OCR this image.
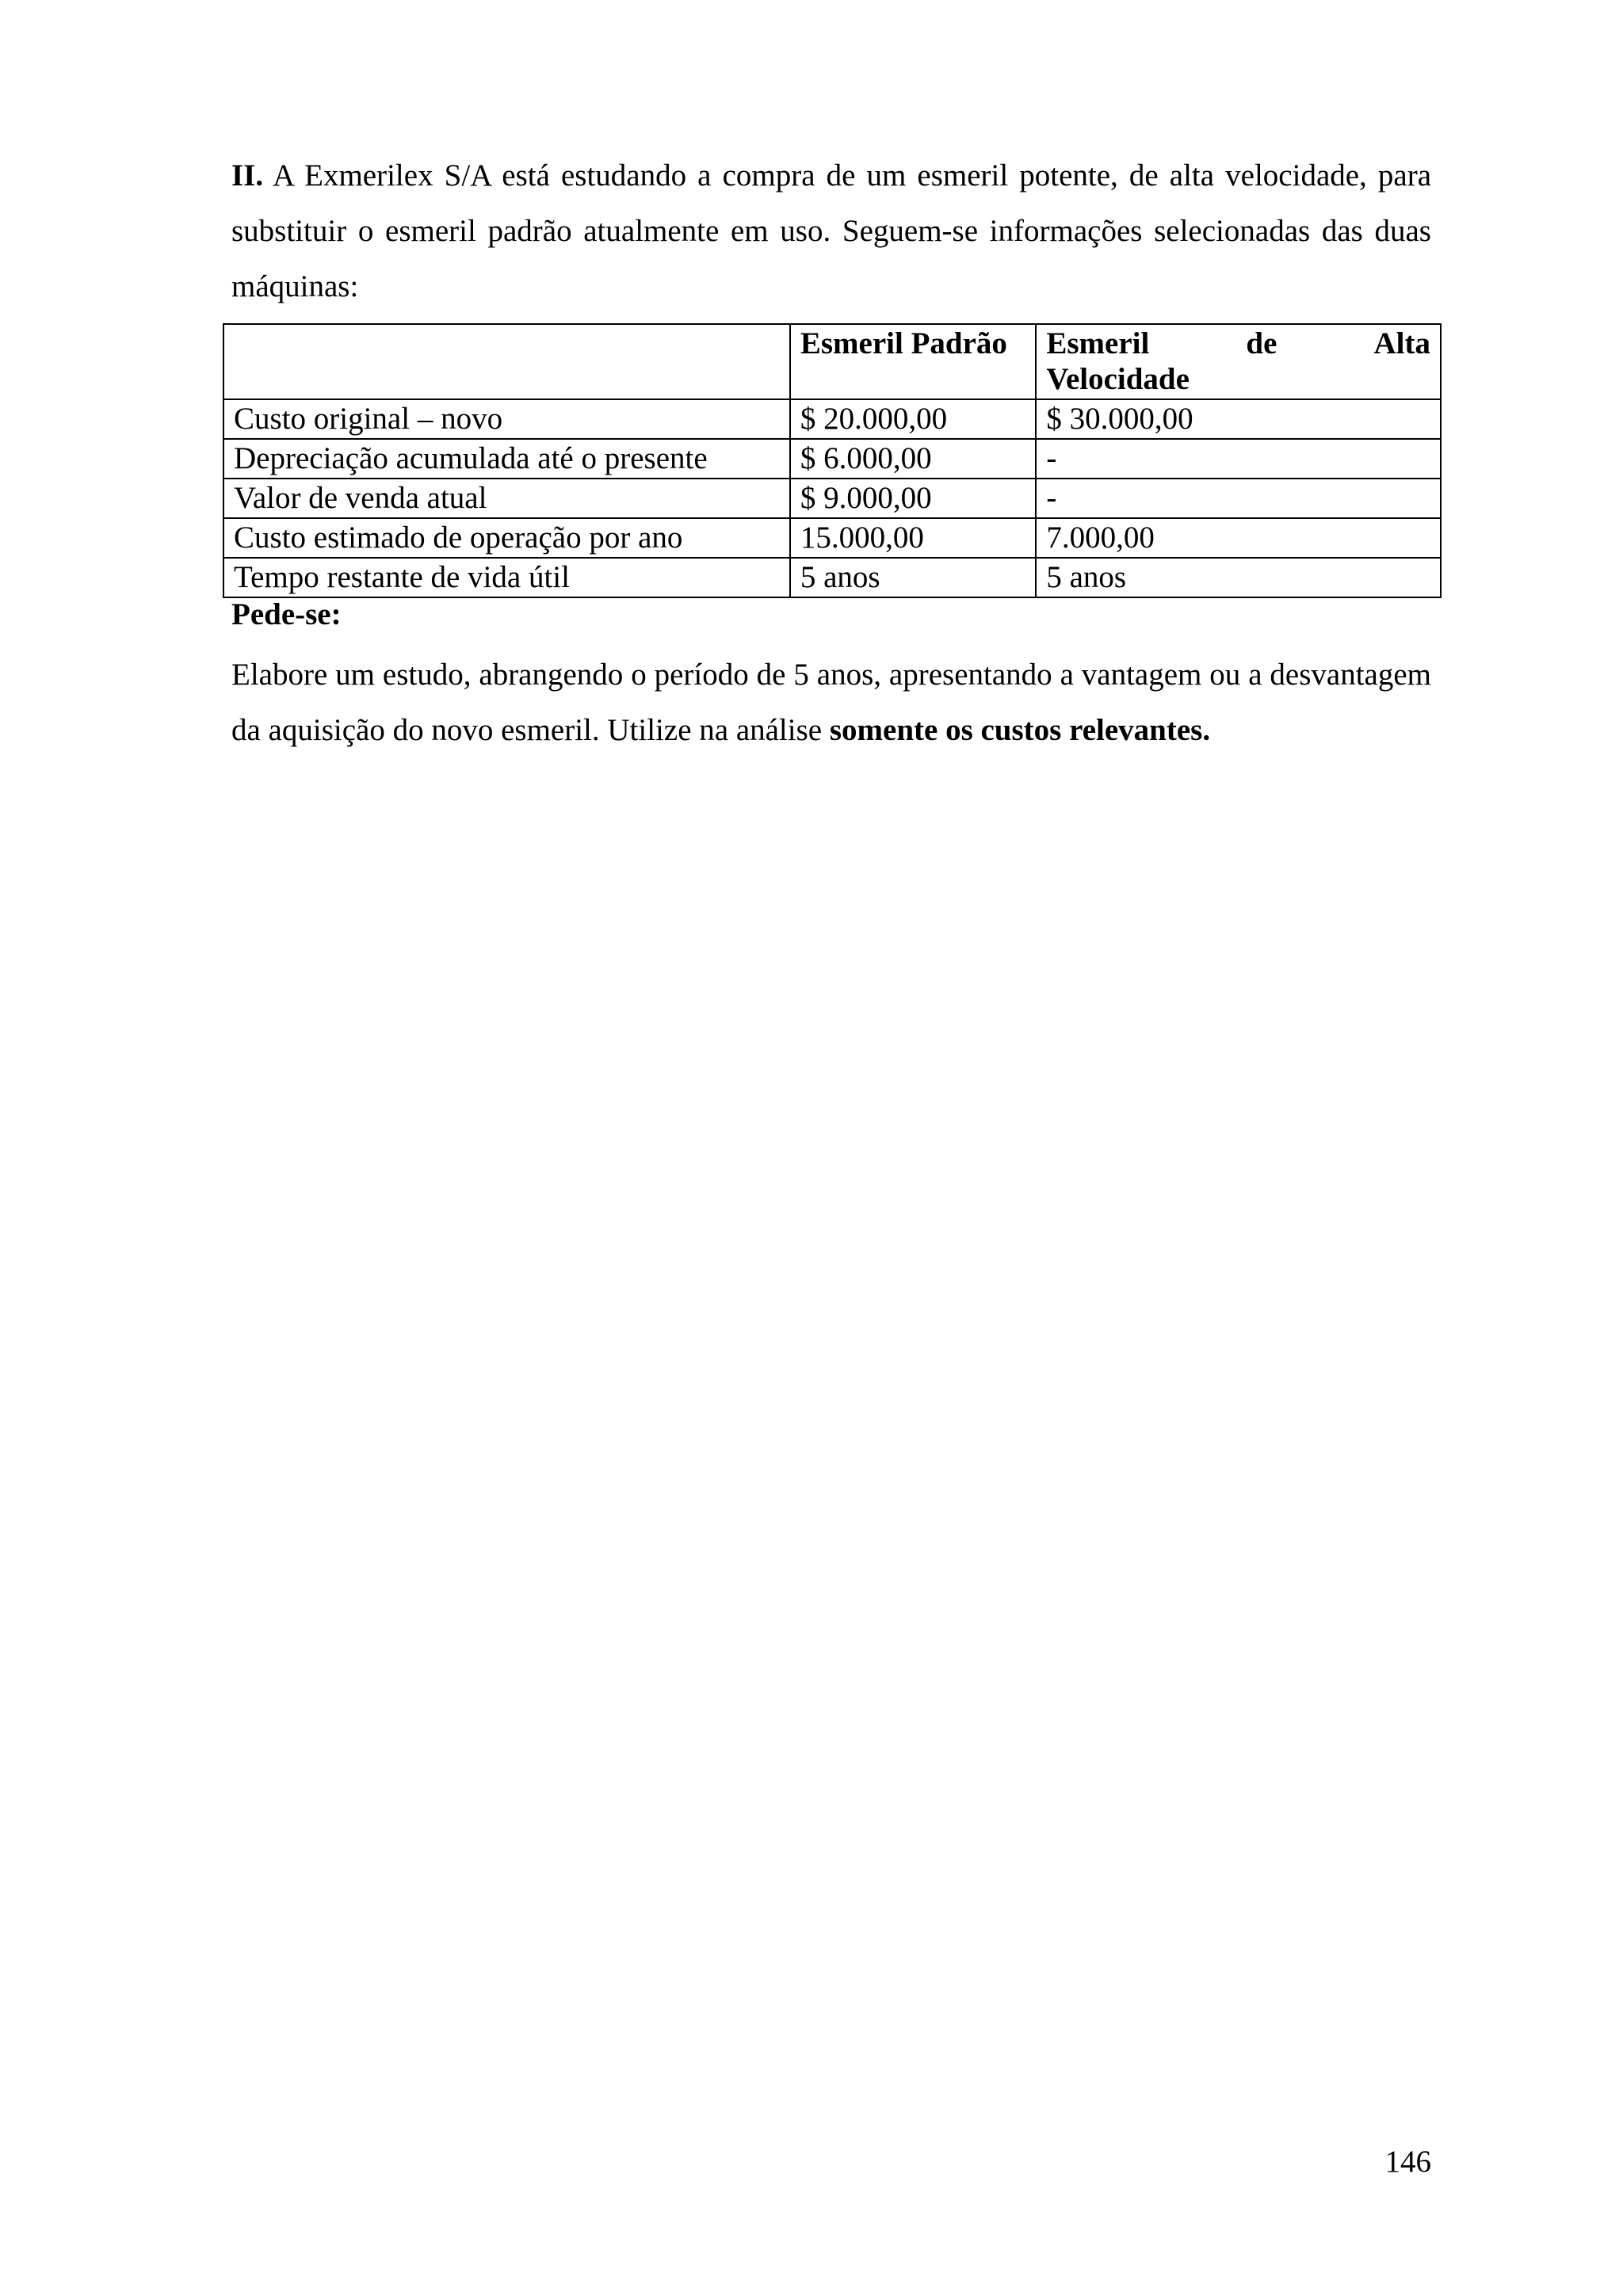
II. A Exmerilex S/A está estudando a compra de um esmeril potente, de alta velocidade, para substituir o esmeril padrão atualmente em uso. Seguem-se informações selecionadas das duas máquinas:

	Esmeril Padrão	Esmeril de Alta
Velocidade

Custo original – novo	$ 20.000,00	$ 30.000,00
Depreciação acumulada até o presente	$ 6.000,00	-
Valor de venda atual	$ 9.000,00	-
Custo estimado de operação por ano	15.000,00	7.000,00
Tempo restante de vida útil	5 anos	5 anos

Pede-se:

Elabore um estudo, abrangendo o período de 5 anos, apresentando a vantagem ou a desvantagem da aquisição do novo esmeril. Utilize na análise somente os custos relevantes.

146
